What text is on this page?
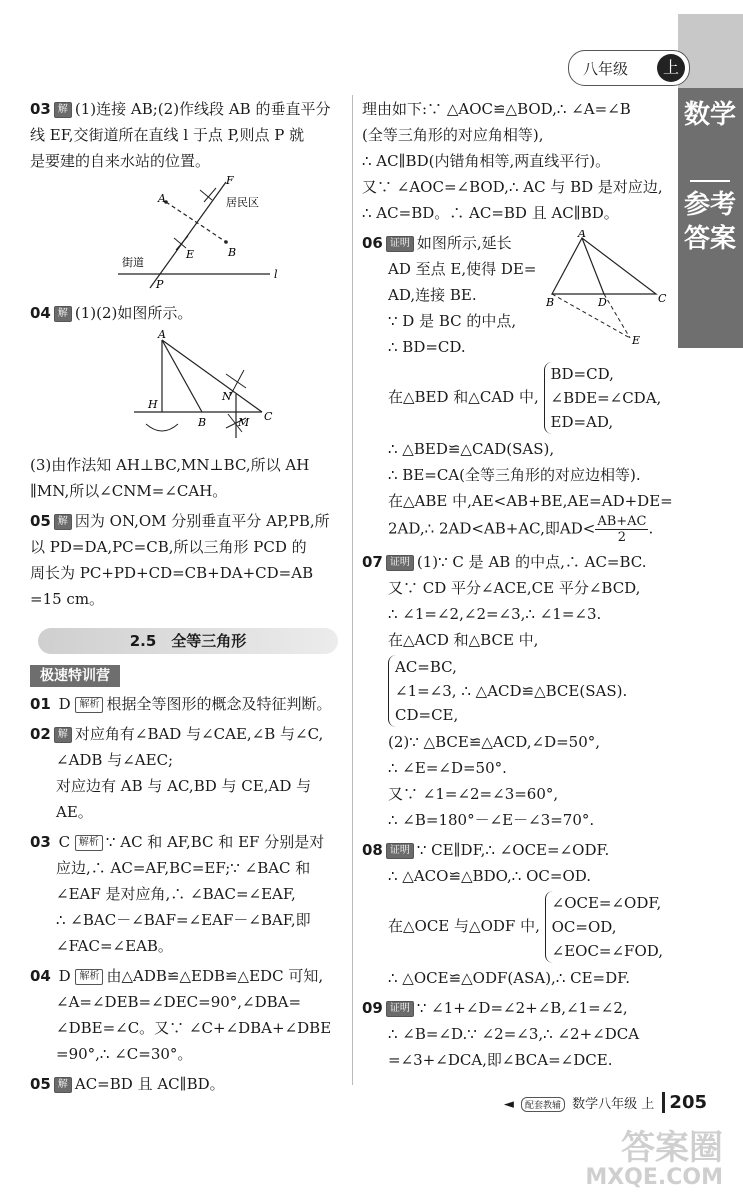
八年级	上
数学
参考答案
03 解 (1)连接 AB;(2)作线段 AB 的垂直平分
线 EF,交街道所在直线 l 于点 P,则点 P 就
是要建的自来水站的位置。
A
B
E
F
P
l
街道
居民区
04 解 (1)(2)如图所示。
A
H
B	M C
N
(3)由作法知 AH⊥BC,MN⊥BC,所以 AH
∥MN,所以∠CNM=∠CAH。
05 解 因为 ON,OM 分别垂直平分 AP,PB,所
以 PD=DA,PC=CB,所以三角形 PCD 的
周长为 PC+PD+CD=CB+DA+CD=AB
=15 cm。
2.5　全等三角形
极速特训营
01 D 解析 根据全等图形的概念及特征判断。
02 解 对应角有∠BAD 与∠CAE,∠B 与∠C,
∠ADB 与∠AEC;
对应边有 AB 与 AC,BD 与 CE,AD 与 AE。
03 C 解析 ∵ AC 和 AF,BC 和 EF 分别是对
应边,∴ AC=AF,BC=EF;∵ ∠BAC 和
∠EAF 是对应角,∴ ∠BAC=∠EAF,
∴ ∠BAC－∠BAF=∠EAF－∠BAF,即
∠FAC=∠EAB。
04 D 解析 由△ADB≌△EDB≌△EDC 可知,
∠A=∠DEB=∠DEC=90°,∠DBA=
∠DBE=∠C。又∵ ∠C+∠DBA+∠DBE
=90°,∴ ∠C=30°。
05 解 AC=BD 且 AC∥BD。
理由如下:∵ △AOC≌△BOD,∴ ∠A=∠B
(全等三角形的对应角相等),
∴ AC∥BD(内错角相等,两直线平行)。
又∵ ∠AOC=∠BOD,∴ AC 与 BD 是对应边,
∴ AC=BD。∴ AC=BD 且 AC∥BD。
A
B	D	C
E
06 证明 如图所示,延长
AD 至点 E,使得 DE=
AD,连接 BE.
∵ D 是 BC 的中点,
∴ BD=CD.
在△BED 和△CAD 中,
BD=CD,
∠BDE=∠CDA,
ED=AD,
∴ △BED≌△CAD(SAS),
∴ BE=CA(全等三角形的对应边相等).
在△ABE 中,AE<AB+BE,AE=AD+DE=
2AD,∴ 2AD<AB+AC,即$AD< \frac{AB+AC}{2}$ .
07 证明 (1)∵ C 是 AB 的中点,∴ AC=BC.
又∵ CD 平分∠ACE,CE 平分∠BCD,
∴ ∠1=∠2,∠2=∠3,∴ ∠1=∠3.
在△ACD 和△BCE 中,
AC=BC,
∠1=∠3, ∴ △ACD≌△BCE(SAS).
CD=CE,
(2)∵ △BCE≌△ACD,∠D=50°,
∴ ∠E=∠D=50°.
又∵ ∠1=∠2=∠3=60°,
∴ ∠B=180°－∠E－∠3=70°.
08 证明 ∵ CE∥DF,∴ ∠OCE=∠ODF.
∴ △ACO≌△BDO,∴ OC=OD.
在△OCE 与△ODF 中,
∠OCE=∠ODF,
OC=OD,
∠EOC=∠FOD,
∴ △OCE≌△ODF(ASA),∴ CE=DF.
09 证明 ∵ ∠1+∠D=∠2+∠B,∠1=∠2,
∴ ∠B=∠D.∵ ∠2=∠3,∴ ∠2+∠DCA
=∠3+∠DCA,即∠BCA=∠DCE.
◄ 配套教辅 数学八年级 上 205
答案圈
MXQE.COM
